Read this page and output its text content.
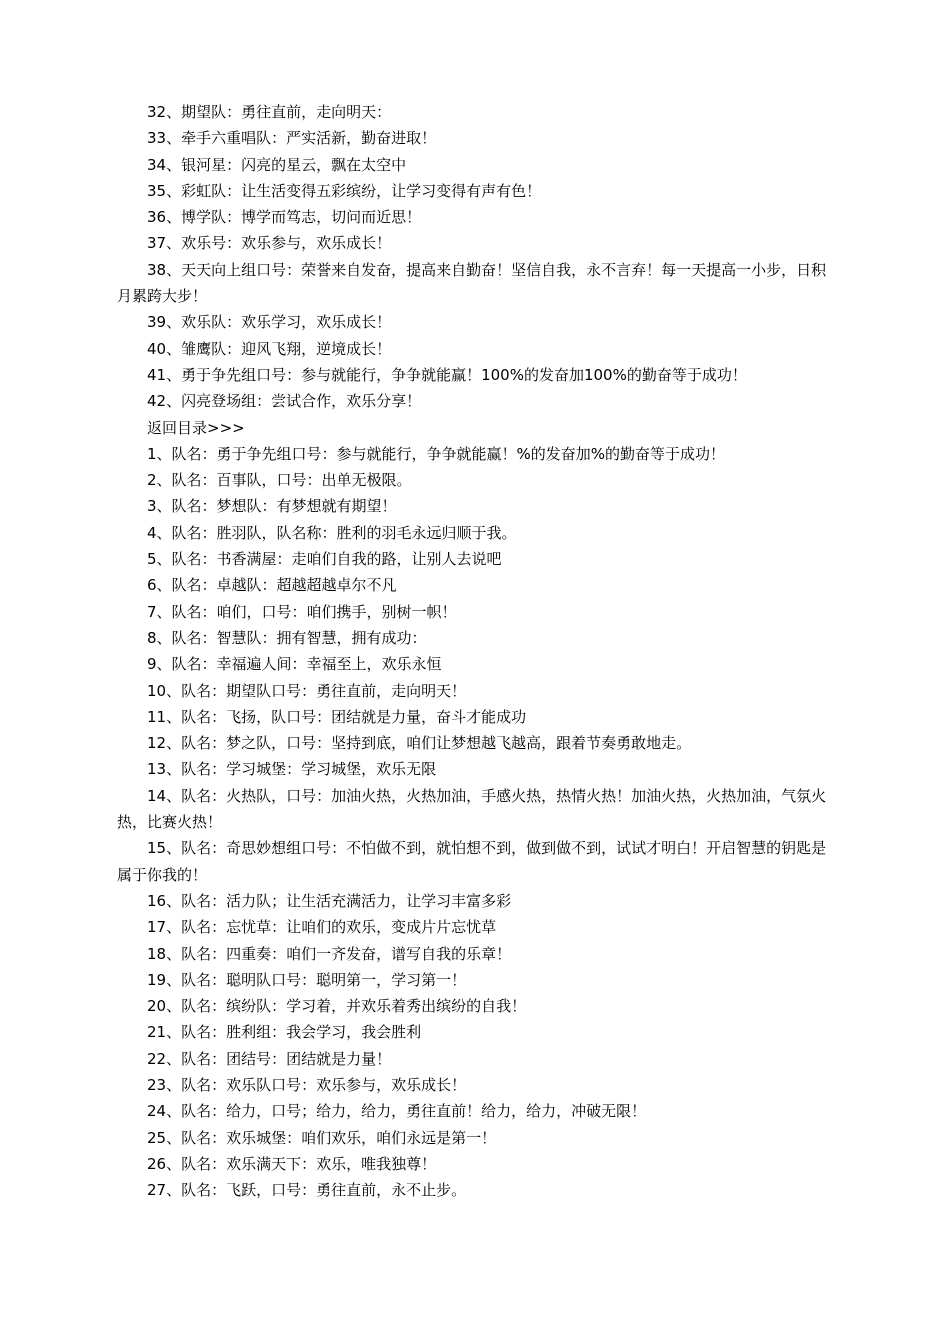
32、期望队：勇往直前，走向明天：

33、牵手六重唱队：严实活新，勤奋进取！

34、银河星：闪亮的星云，飘在太空中

35、彩虹队：让生活变得五彩缤纷，让学习变得有声有色！

36、博学队：博学而笃志，切问而近思！

37、欢乐号：欢乐参与，欢乐成长！

38、天天向上组口号：荣誉来自发奋，提高来自勤奋！坚信自我，永不言弃！每一天提高一小步，日积月累跨大步！

39、欢乐队：欢乐学习，欢乐成长！

40、雏鹰队：迎风飞翔，逆境成长！

41、勇于争先组口号：参与就能行，争争就能赢！100%的发奋加100%的勤奋等于成功！

42、闪亮登场组：尝试合作，欢乐分享！

返回目录>>>

1、队名：勇于争先组口号：参与就能行，争争就能赢！%的发奋加%的勤奋等于成功！

2、队名：百事队，口号：出单无极限。

3、队名：梦想队：有梦想就有期望！

4、队名：胜羽队，队名称：胜利的羽毛永远归顺于我。

5、队名：书香满屋：走咱们自我的路，让别人去说吧

6、队名：卓越队：超越超越卓尔不凡

7、队名：咱们，口号：咱们携手，别树一帜！

8、队名：智慧队：拥有智慧，拥有成功：

9、队名：幸福遍人间：幸福至上，欢乐永恒

10、队名：期望队口号：勇往直前，走向明天！

11、队名：飞扬，队口号：团结就是力量，奋斗才能成功

12、队名：梦之队，口号：坚持到底，咱们让梦想越飞越高，跟着节奏勇敢地走。

13、队名：学习城堡：学习城堡，欢乐无限

14、队名：火热队，口号：加油火热，火热加油，手感火热，热情火热！加油火热，火热加油，气氛火热，比赛火热！

15、队名：奇思妙想组口号：不怕做不到，就怕想不到，做到做不到，试试才明白！开启智慧的钥匙是属于你我的！

16、队名：活力队；让生活充满活力，让学习丰富多彩

17、队名：忘忧草：让咱们的欢乐，变成片片忘忧草

18、队名：四重奏：咱们一齐发奋，谱写自我的乐章！

19、队名：聪明队口号：聪明第一，学习第一！

20、队名：缤纷队：学习着，并欢乐着秀出缤纷的自我！

21、队名：胜利组：我会学习，我会胜利

22、队名：团结号：团结就是力量！

23、队名：欢乐队口号：欢乐参与，欢乐成长！

24、队名：给力，口号；给力，给力，勇往直前！给力，给力，冲破无限！

25、队名：欢乐城堡：咱们欢乐，咱们永远是第一！

26、队名：欢乐满天下：欢乐，唯我独尊！

27、队名：飞跃，口号：勇往直前，永不止步。
